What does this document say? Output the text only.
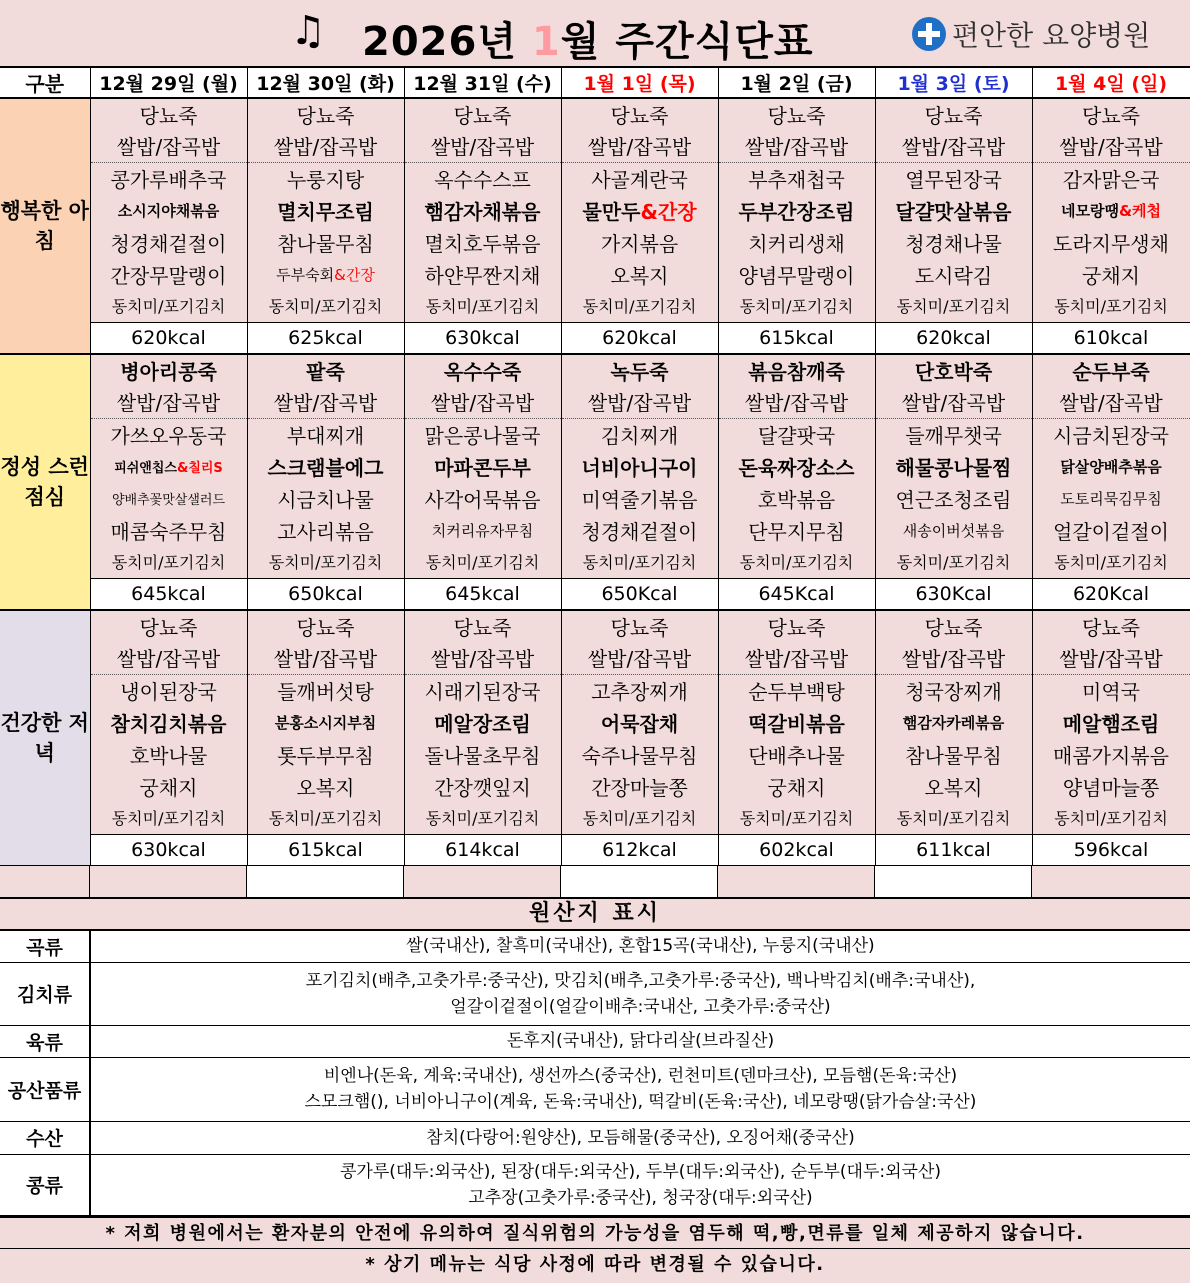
♫ 2026년 1월 주간식단표	편안한 요양병원
구분	12월 29일 (월)	12월 30일 (화)	12월 31일 (수)	1월 1일 (목)	1월 2일 (금)	1월 3일 (토)	1월 4일 (일)
행복한 아침	당뇨죽	당뇨죽	당뇨죽	당뇨죽	당뇨죽	당뇨죽	당뇨죽
	쌀밥/잡곡밥	쌀밥/잡곡밥	쌀밥/잡곡밥	쌀밥/잡곡밥	쌀밥/잡곡밥	쌀밥/잡곡밥	쌀밥/잡곡밥
	콩가루배추국	누룽지탕	옥수수스프	사골계란국	부추재첩국	열무된장국	감자맑은국
	소시지야채볶음	멸치무조림	햄감자채볶음	물만두&간장	두부간장조림	달걀맛살볶음	네모랑땡&케첩
	청경채겉절이	참나물무침	멸치호두볶음	가지볶음	치커리생채	청경채나물	도라지무생채
	간장무말랭이	두부숙회&간장	하얀무짠지채	오복지	양념무말랭이	도시락김	궁채지
	동치미/포기김치	동치미/포기김치	동치미/포기김치	동치미/포기김치	동치미/포기김치	동치미/포기김치	동치미/포기김치
	620kcal	625kcal	630kcal	620kcal	615kcal	620kcal	610kcal
정성 스런 점심	병아리콩죽	팥죽	옥수수죽	녹두죽	볶음참깨죽	단호박죽	순두부죽
	쌀밥/잡곡밥	쌀밥/잡곡밥	쌀밥/잡곡밥	쌀밥/잡곡밥	쌀밥/잡곡밥	쌀밥/잡곡밥	쌀밥/잡곡밥
	가쓰오우동국	부대찌개	맑은콩나물국	김치찌개	달걀팟국	들깨무챗국	시금치된장국
	피쉬앤칩스&칠리S	스크램블에그	마파콘두부	너비아니구이	돈육짜장소스	해물콩나물찜	닭살양배추볶음
	양배추꽃맛살샐러드	시금치나물	사각어묵볶음	미역줄기볶음	호박볶음	연근조청조림	도토리묵김무침
	매콤숙주무침	고사리볶음	치커리유자무침	청경채겉절이	단무지무침	새송이버섯볶음	얼갈이겉절이
	동치미/포기김치	동치미/포기김치	동치미/포기김치	동치미/포기김치	동치미/포기김치	동치미/포기김치	동치미/포기김치
	645kcal	650kcal	645kcal	650Kcal	645Kcal	630Kcal	620Kcal
건강한 저녁	당뇨죽	당뇨죽	당뇨죽	당뇨죽	당뇨죽	당뇨죽	당뇨죽
	쌀밥/잡곡밥	쌀밥/잡곡밥	쌀밥/잡곡밥	쌀밥/잡곡밥	쌀밥/잡곡밥	쌀밥/잡곡밥	쌀밥/잡곡밥
	냉이된장국	들깨버섯탕	시래기된장국	고추장찌개	순두부백탕	청국장찌개	미역국
	참치김치볶음	분홍소시지부침	메알장조림	어묵잡채	떡갈비볶음	햄감자카레볶음	메알햄조림
	호박나물	톳두부무침	돌나물초무침	숙주나물무침	단배추나물	참나물무침	매콤가지볶음
	궁채지	오복지	간장깻잎지	간장마늘쫑	궁채지	오복지	양념마늘쫑
	동치미/포기김치	동치미/포기김치	동치미/포기김치	동치미/포기김치	동치미/포기김치	동치미/포기김치	동치미/포기김치
	630kcal	615kcal	614kcal	612kcal	602kcal	611kcal	596kcal
원산지 표시
곡류	쌀(국내산), 찰흑미(국내산), 혼합15곡(국내산), 누룽지(국내산)

김치류	포기김치(배추,고춧가루:중국산), 맛김치(배추,고춧가루:중국산), 백나박김치(배추:국내산),
얼갈이겉절이(얼갈이배추:국내산, 고춧가루:중국산)

육류	돈후지(국내산), 닭다리살(브라질산)

공산품류	비엔나(돈육, 계육:국내산), 생선까스(중국산), 런천미트(덴마크산), 모듬햄(돈육:국산)
스모크햄(), 너비아니구이(계육, 돈육:국내산), 떡갈비(돈육:국산), 네모랑땡(닭가슴살:국산)

수산	참치(다랑어:원양산), 모듬해물(중국산), 오징어채(중국산)

콩류	콩가루(대두:외국산), 된장(대두:외국산), 두부(대두:외국산), 순두부(대두:외국산)
고추장(고춧가루:중국산), 청국장(대두:외국산)
* 저희 병원에서는 환자분의 안전에 유의하여 질식위험의 가능성을 염두해 떡,빵,면류를 일체 제공하지 않습니다.
* 상기 메뉴는 식당 사정에 따라 변경될 수 있습니다.
